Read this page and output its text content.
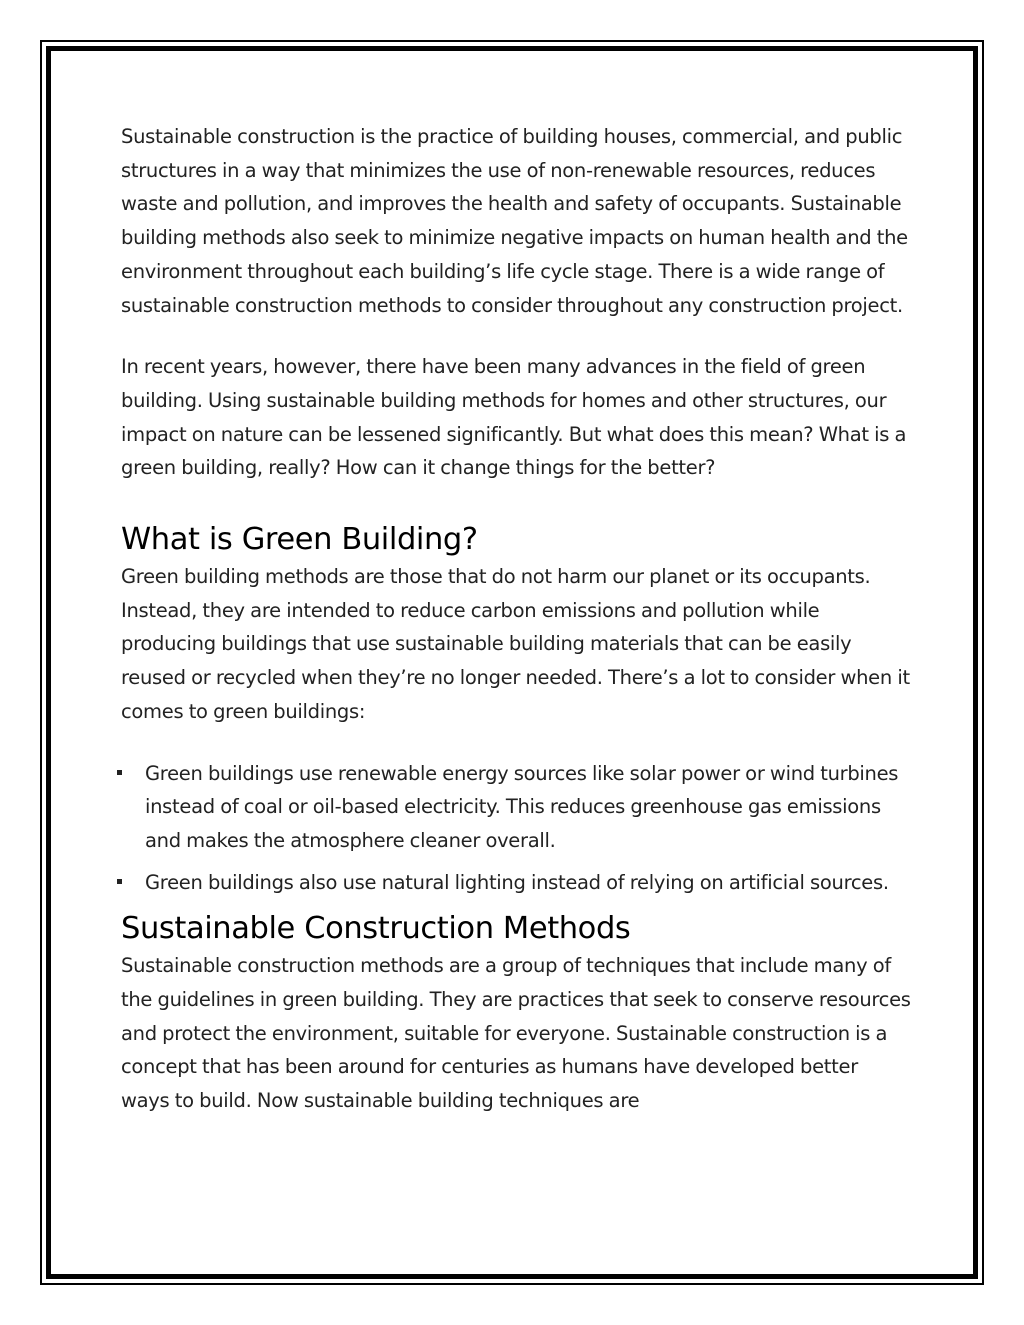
Sustainable construction is the practice of building houses, commercial, and public structures in a way that minimizes the use of non-renewable resources, reduces waste and pollution, and improves the health and safety of occupants. Sustainable building methods also seek to minimize negative impacts on human health and the environment throughout each building’s life cycle stage. There is a wide range of sustainable construction methods to consider throughout any construction project.

In recent years, however, there have been many advances in the field of green building. Using sustainable building methods for homes and other structures, our impact on nature can be lessened significantly. But what does this mean? What is a green building, really? How can it change things for the better?

What is Green Building?

Green building methods are those that do not harm our planet or its occupants. Instead, they are intended to reduce carbon emissions and pollution while producing buildings that use sustainable building materials that can be easily reused or recycled when they’re no longer needed. There’s a lot to consider when it comes to green buildings:

Green buildings use renewable energy sources like solar power or wind turbines instead of coal or oil-based electricity. This reduces greenhouse gas emissions and makes the atmosphere cleaner overall.
Green buildings also use natural lighting instead of relying on artificial sources.
Sustainable Construction Methods

Sustainable construction methods are a group of techniques that include many of the guidelines in green building. They are practices that seek to conserve resources and protect the environment, suitable for everyone. Sustainable construction is a concept that has been around for centuries as humans have developed better ways to build. Now sustainable building techniques are
